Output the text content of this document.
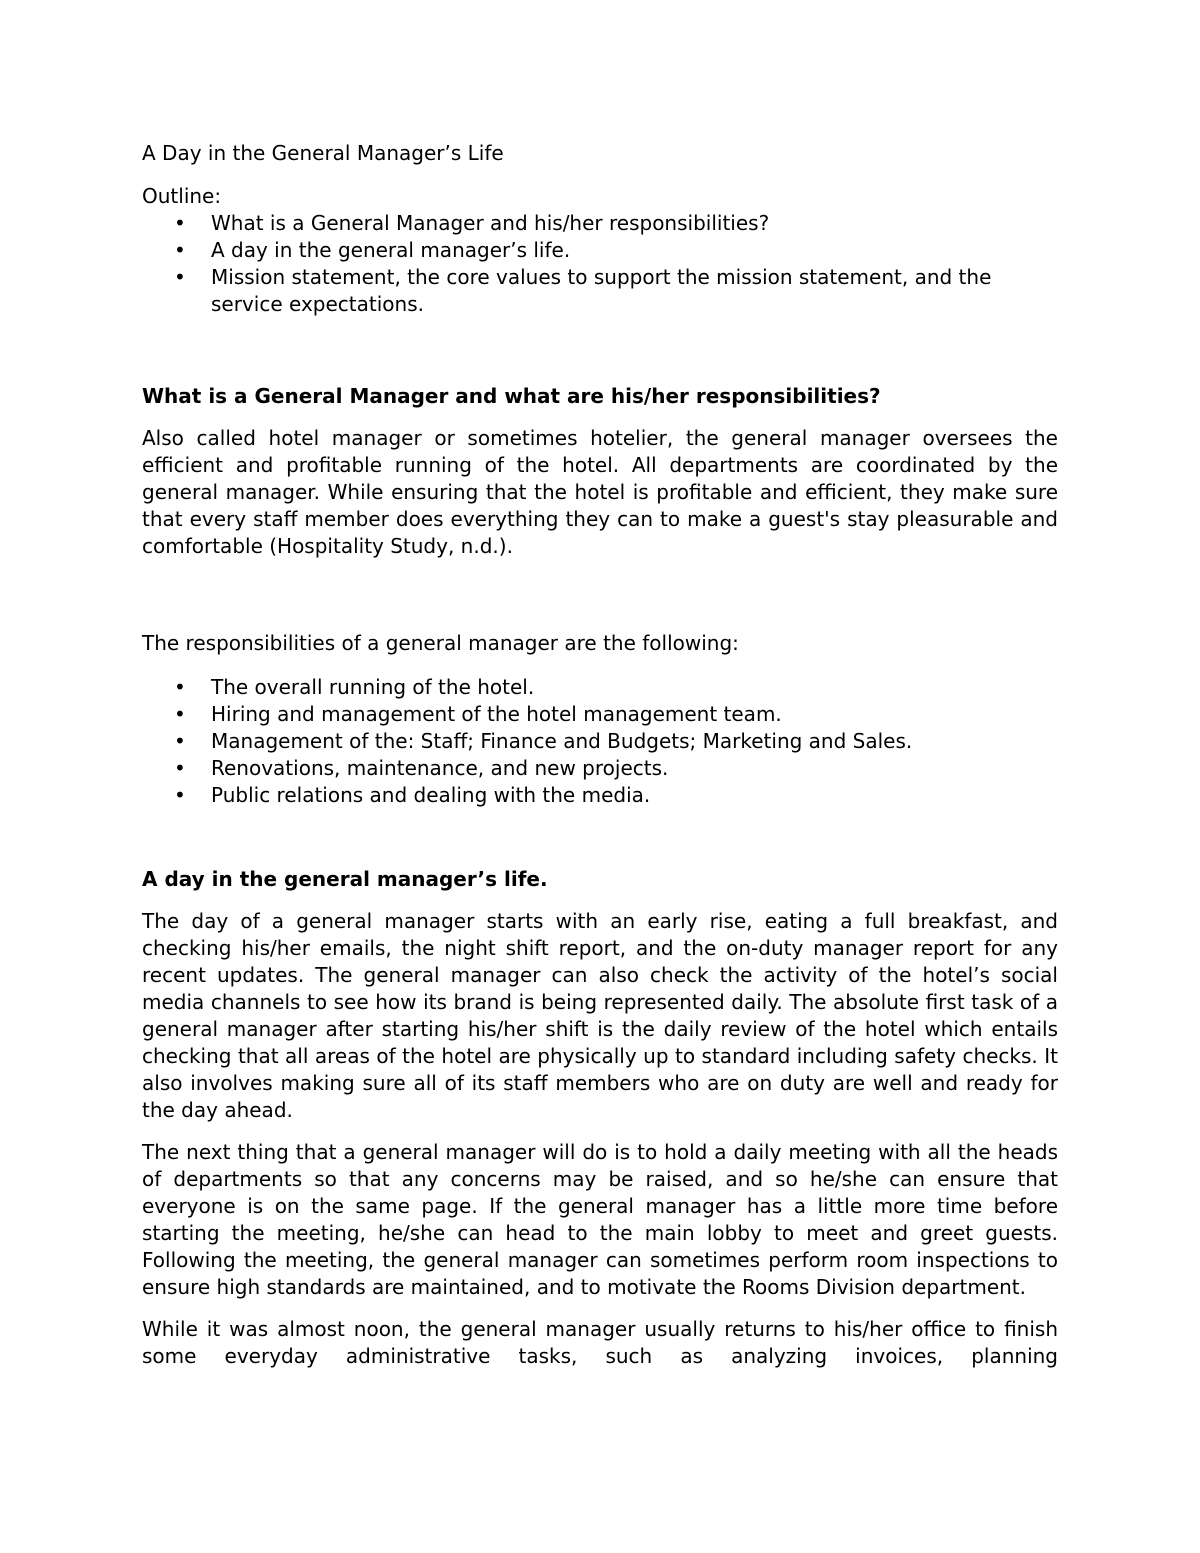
A Day in the General Manager’s Life

Outline:

•	What is a General Manager and his/her responsibilities?
•	A day in the general manager’s life.
•	Mission statement, the core values to support the mission statement, and the service expectations.

What is a General Manager and what are his/her responsibilities?

Also called hotel manager or sometimes hotelier, the general manager oversees the efficient and profitable running of the hotel. All departments are coordinated by the general manager. While ensuring that the hotel is profitable and efficient, they make sure that every staff member does everything they can to make a guest's stay pleasurable and comfortable (Hospitality Study, n.d.).

The responsibilities of a general manager are the following:

•	The overall running of the hotel.
•	Hiring and management of the hotel management team.
•	Management of the: Staff; Finance and Budgets; Marketing and Sales.
•	Renovations, maintenance, and new projects.
•	Public relations and dealing with the media.

A day in the general manager’s life.

The day of a general manager starts with an early rise, eating a full breakfast, and checking his/her emails, the night shift report, and the on-duty manager report for any recent updates. The general manager can also check the activity of the hotel’s social media channels to see how its brand is being represented daily. The absolute first task of a general manager after starting his/her shift is the daily review of the hotel which entails checking that all areas of the hotel are physically up to standard including safety checks. It also involves making sure all of its staff members who are on duty are well and ready for the day ahead.

The next thing that a general manager will do is to hold a daily meeting with all the heads of departments so that any concerns may be raised, and so he/she can ensure that everyone is on the same page. If the general manager has a little more time before starting the meeting, he/she can head to the main lobby to meet and greet guests. Following the meeting, the general manager can sometimes perform room inspections to ensure high standards are maintained, and to motivate the Rooms Division department.

While it was almost noon, the general manager usually returns to his/her office to finish some everyday administrative tasks, such as analyzing invoices, planning
